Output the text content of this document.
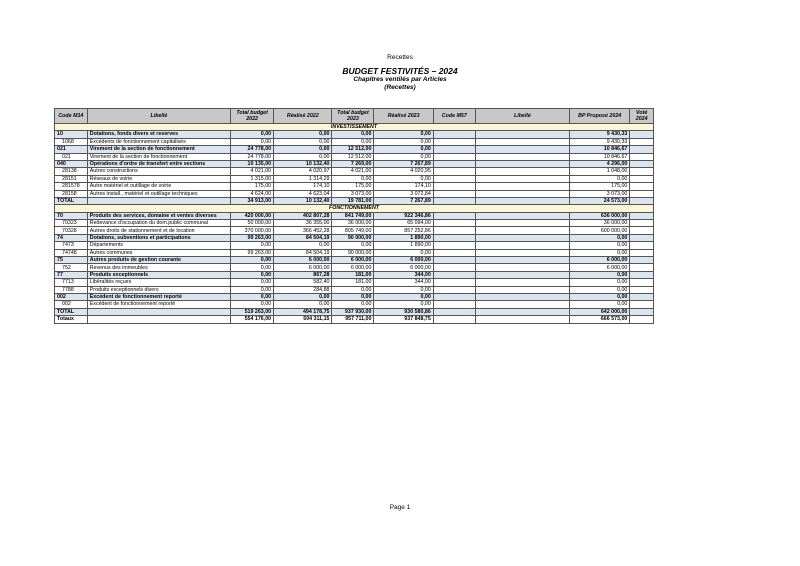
Recettes
BUDGET FESTIVITÉS – 2024
Chapitres ventilés par Articles
(Recettes)
Code M14	Libellé	Total budget 2022	Réalisé 2022	Total budget 2023	Réalisé 2023	Code M57	Libellé	BP Proposé 2024	Voté 2024
INVESTISSEMENT									
10	Dotations, fonds divers et reserves	0,00	0,00	0,00	0,00			9 430,33	
1068	Excédents de fonctionnement capitalisés	0,00	0,00	0,00	0,00			9 430,33	
021	Virement de la section de fonctionnement	24 778,00	0,00	12 512,00	0,00			10 846,67	
021	Virement de la section de fonctionnement	24 778,00	0,00	12 512,00	0,00			10 846,67	
040	Opérations d'ordre de transfert entre sections	10 135,00	10 132,40	7 269,00	7 267,89			4 296,00	
28138	Autres constructions	4 021,00	4 020,97	4 021,00	4 020,95			1 048,00	
28151	Réseaux de voirie	1 315,00	1 314,29	0,00	0,00			0,00	
281578	Autre matériel et outillage de voirie	175,00	174,10	175,00	174,10			175,00	
28158	Autres install., matériel et outillage techniques	4 624,00	4 623,04	3 073,00	3 072,84			3 073,00	
TOTAL		34 913,00	10 132,40	19 781,00	7 267,89			24 573,00	
FONCTIONNEMENT									
70	Produits des services, domaine et ventes diverses	420 000,00	402 807,28	841 749,00	922 346,86			636 000,00	
70323	Redevance d'occupation du dom.public communal	50 000,00	36 355,00	36 000,00	65 094,00			36 000,00	
70328	Autres droits de stationnement et de location	370 000,00	366 452,28	805 749,00	857 252,86			600 000,00	
74	Dotations, subventions et participations	99 263,00	84 504,19	90 000,00	1 890,00			0,00	
7473	Départements	0,00	0,00	0,00	1 890,00			0,00	
74748	Autres communes	99 263,00	84 504,19	90 000,00	0,00			0,00	
75	Autres produits de gestion courante	0,00	6 000,00	6 000,00	6 000,00			6 000,00	
752	Revenus des immeubles	0,00	6 000,00	6 000,00	6 000,00			6 000,00	
77	Produits exceptionnels	0,00	867,28	181,00	344,00			0,00	
7713	Libéralités reçues	0,00	582,40	181,00	344,00			0,00	
7788	Produits exceptionnels divers	0,00	284,88	0,00	0,00			0,00	
002	Excédent de fonctionnement reporté	0,00	0,00	0,00	0,00			0,00	
002	Excédent de fonctionnement reporté	0,00	0,00	0,00	0,00			0,00	
TOTAL		519 263,00	494 178,75	937 930,00	930 580,86			642 000,00	
Totaux		554 176,00	504 311,15	957 711,00	937 848,75			666 573,00	
Page 1
